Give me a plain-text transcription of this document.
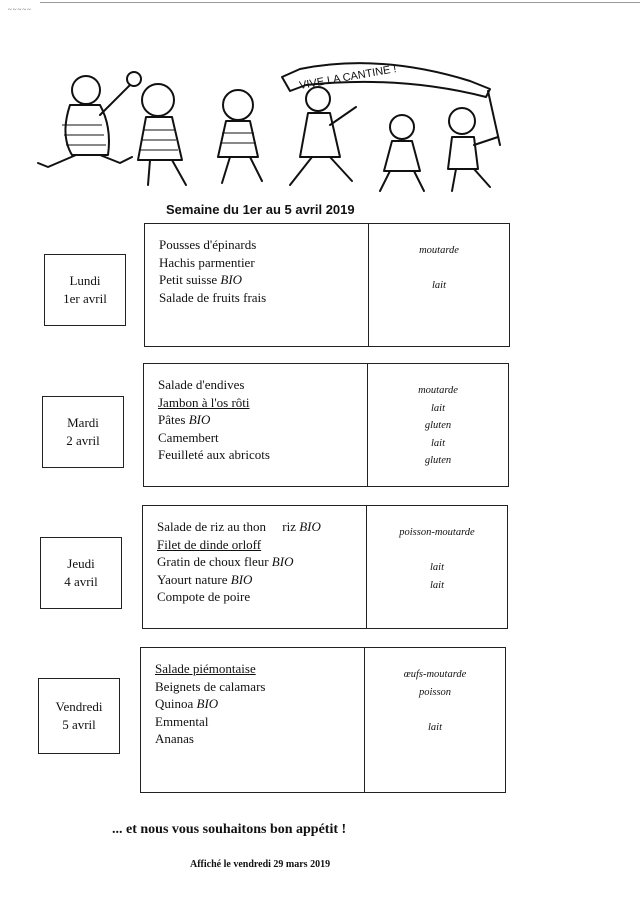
~~~~~
VIVE LA CANTINE !
Semaine du 1er au 5 avril 2019
Lundi
1er avril
Pousses d'épinards
Hachis parmentier
Petit suisse BIO
Salade de fruits frais
moutarde
lait
Mardi
2 avril
Salade d'endives
Jambon à l'os rôti
Pâtes BIO
Camembert
Feuilleté aux abricots
moutarde
lait
gluten
lait
gluten
Jeudi
4 avril
Salade de riz au thon     riz BIO
Filet de dinde orloff
Gratin de choux fleur BIO
Yaourt nature BIO
Compote de poire
poisson-moutarde
lait
lait
Vendredi
5 avril
Salade piémontaise
Beignets de calamars
Quinoa BIO
Emmental
Ananas
œufs-moutarde
poisson
lait
... et nous vous souhaitons bon appétit !
Affiché le vendredi 29 mars 2019
